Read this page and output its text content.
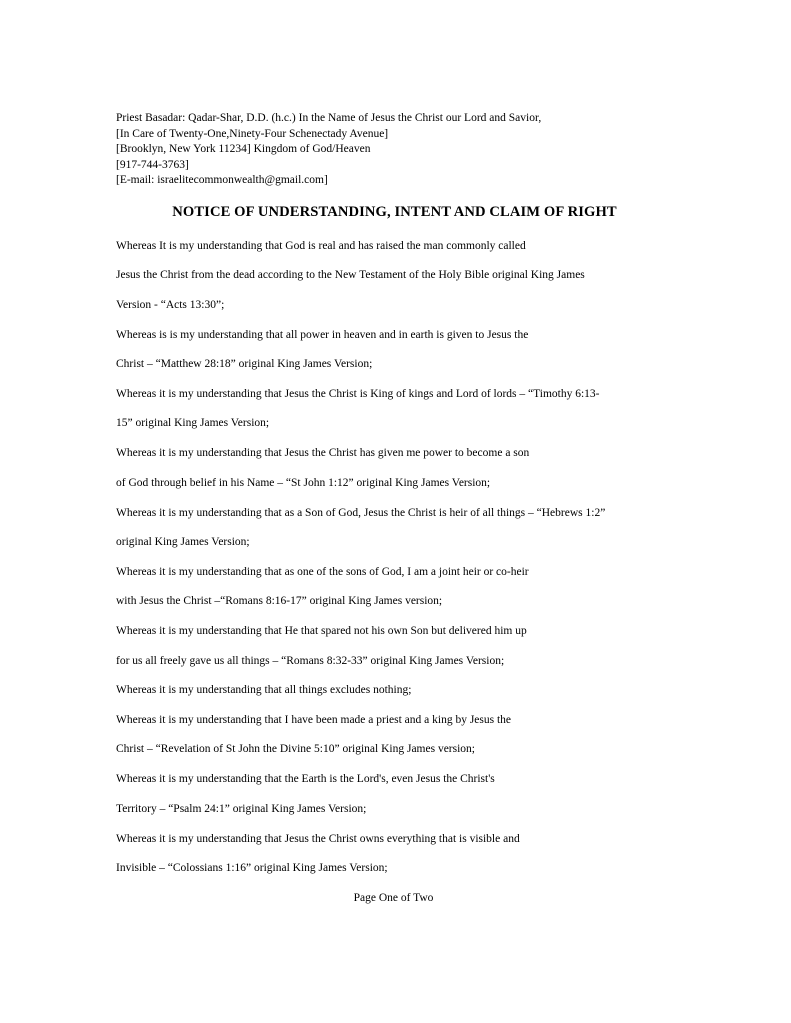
Priest Basadar: Qadar-Shar, D.D. (h.c.) In the Name of Jesus the Christ our Lord and Savior,
[In Care of Twenty-One,Ninety-Four Schenectady Avenue]
[Brooklyn, New York 11234] Kingdom of God/Heaven
[917-744-3763]
[E-mail: israelitecommonwealth@gmail.com]
NOTICE OF UNDERSTANDING, INTENT AND CLAIM OF RIGHT
Whereas It is my understanding that God is real and has raised the man commonly called
Jesus the Christ from the dead according to the New Testament of the Holy Bible original King James
Version - “Acts 13:30”;
Whereas is is my understanding that all power in heaven and in earth is given to Jesus the
Christ – “Matthew 28:18” original King James Version;
Whereas it is my understanding that Jesus the Christ is King of kings and Lord of lords – “Timothy 6:13-
15” original King James Version;
Whereas it is my understanding that Jesus the Christ has given me power to become a son
of God through belief in his Name – “St John 1:12” original King James Version;
Whereas it is my understanding that as a Son of God, Jesus the Christ is heir of all things – “Hebrews 1:2”
original King James Version;
Whereas it is my understanding that as one of the sons of God, I am a joint heir or co-heir
with Jesus the Christ –“Romans 8:16-17” original King James version;
Whereas it is my understanding that He that spared not his own Son but delivered him up
for us all freely gave us all things – “Romans 8:32-33” original King James Version;
Whereas it is my understanding that all things excludes nothing;
Whereas it is my understanding that I have been made a priest and a king by Jesus the
Christ – “Revelation of St John the Divine 5:10” original King James version;
Whereas it is my understanding that the Earth is the Lord's, even Jesus the Christ's
Territory – “Psalm 24:1” original King James Version;
Whereas it is my understanding that Jesus the Christ owns everything that is visible and
Invisible – “Colossians 1:16” original King James Version;
Page One of Two
